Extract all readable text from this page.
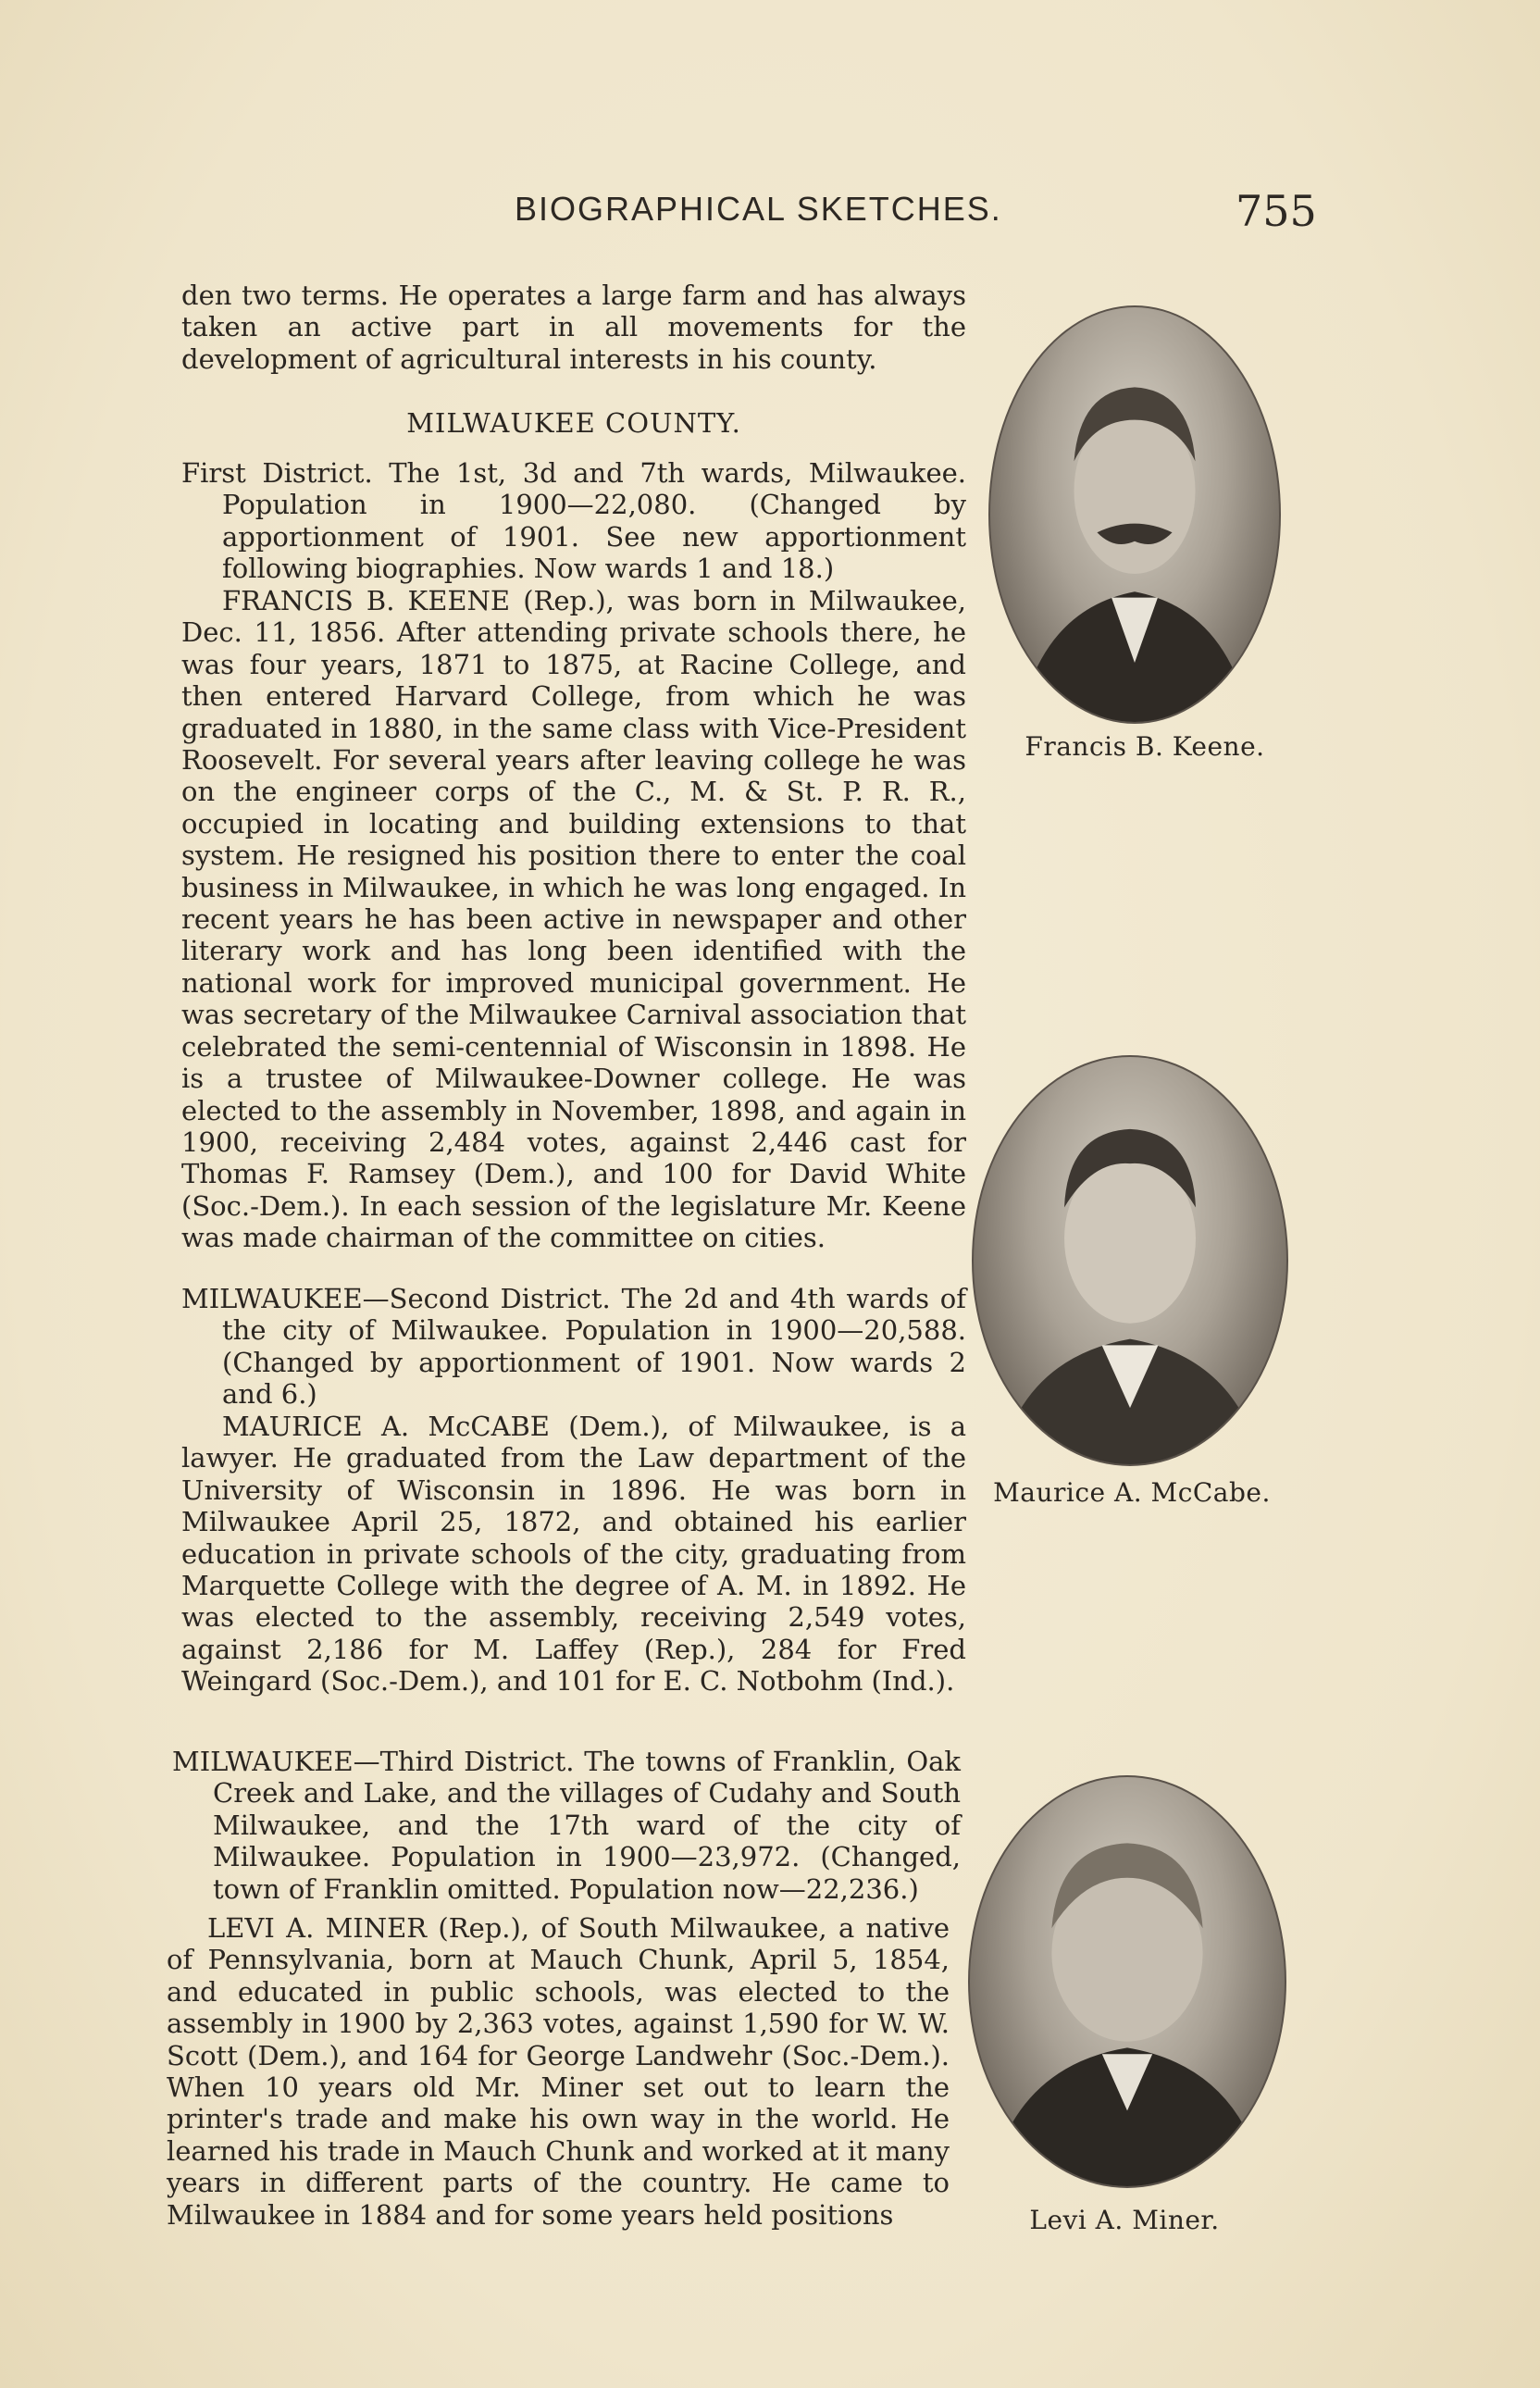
BIOGRAPHICAL SKETCHES.	755

den two terms. He operates a large farm and has always taken an active part in all movements for the development of agricultural interests in his county.

MILWAUKEE COUNTY.

First District. The 1st, 3d and 7th wards, Milwaukee. Population in 1900—22,080. (Changed by apportionment of 1901. See new apportionment following biographies. Now wards 1 and 18.)

FRANCIS B. KEENE (Rep.), was born in Milwaukee, Dec. 11, 1856. After attending private schools there, he was four years, 1871 to 1875, at Racine College, and then entered Harvard College, from which he was graduated in 1880, in the same class with Vice-President Roosevelt. For several years after leaving college he was on the engineer corps of the C., M. & St. P. R. R., occupied in locating and building extensions to that system. He resigned his position there to enter the coal business in Milwaukee, in which he was long engaged. In recent years he has been active in newspaper and other literary work and has long been identified with the national work for improved municipal government. He was secretary of the Milwaukee Carnival association that celebrated the semi-centennial of Wisconsin in 1898. He is a trustee of Milwaukee-Downer college. He was elected to the assembly in November, 1898, and again in 1900, receiving 2,484 votes, against 2,446 cast for Thomas F. Ramsey (Dem.), and 100 for David White (Soc.-Dem.). In each session of the legislature Mr. Keene was made chairman of the committee on cities.

MILWAUKEE—Second District. The 2d and 4th wards of the city of Milwaukee. Population in 1900—20,588. (Changed by apportionment of 1901. Now wards 2 and 6.)

MAURICE A. McCABE (Dem.), of Milwaukee, is a lawyer. He graduated from the Law department of the University of Wisconsin in 1896. He was born in Milwaukee April 25, 1872, and obtained his earlier education in private schools of the city, graduating from Marquette College with the degree of A. M. in 1892. He was elected to the assembly, receiving 2,549 votes, against 2,186 for M. Laffey (Rep.), 284 for Fred Weingard (Soc.-Dem.), and 101 for E. C. Notbohm (Ind.).

MILWAUKEE—Third District. The towns of Franklin, Oak Creek and Lake, and the villages of Cudahy and South Milwaukee, and the 17th ward of the city of Milwaukee. Population in 1900—23,972. (Changed, town of Franklin omitted. Population now—22,236.)

LEVI A. MINER (Rep.), of South Milwaukee, a native of Pennsylvania, born at Mauch Chunk, April 5, 1854, and educated in public schools, was elected to the assembly in 1900 by 2,363 votes, against 1,590 for W. W. Scott (Dem.), and 164 for George Landwehr (Soc.-Dem.). When 10 years old Mr. Miner set out to learn the printer's trade and make his own way in the world. He learned his trade in Mauch Chunk and worked at it many years in different parts of the country. He came to Milwaukee in 1884 and for some years held positions

Francis B. Keene.
Maurice A. McCabe.
Levi A. Miner.
